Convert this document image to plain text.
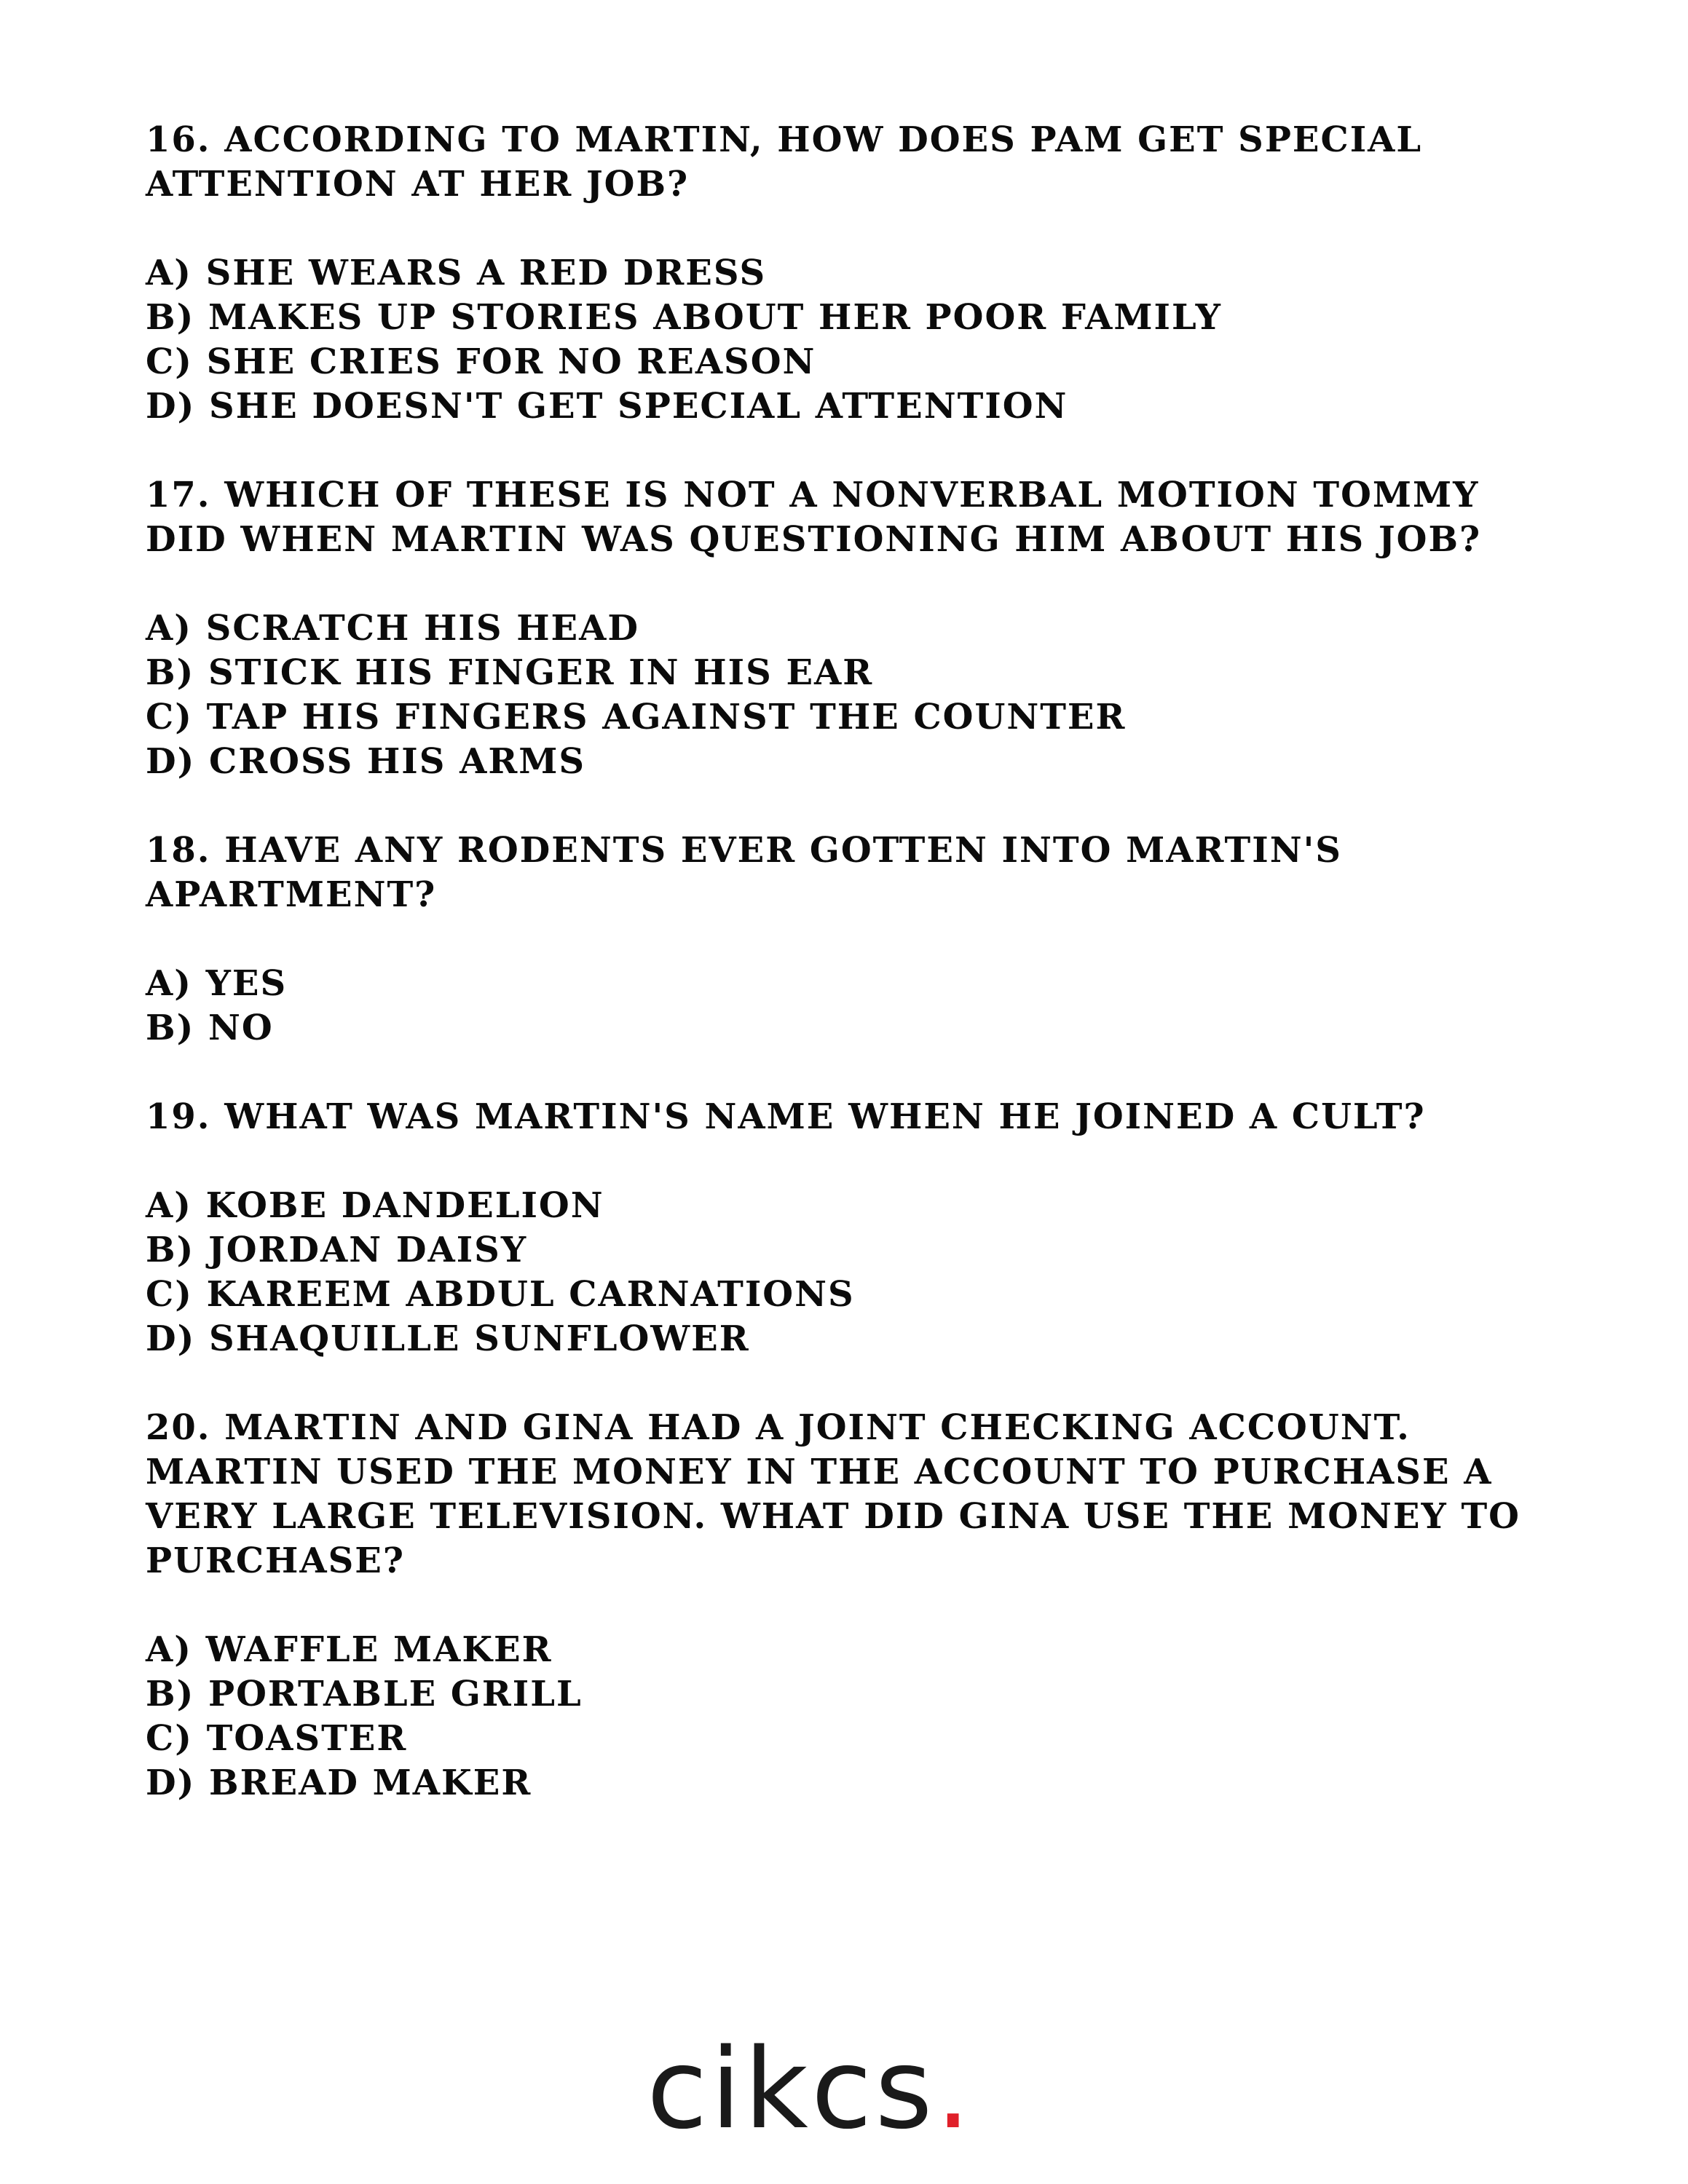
16. ACCORDING TO MARTIN, HOW DOES PAM GET SPECIAL ATTENTION AT HER JOB?
A) SHE WEARS A RED DRESS
B) MAKES UP STORIES ABOUT HER POOR FAMILY
C) SHE CRIES FOR NO REASON
D) SHE DOESN'T GET SPECIAL ATTENTION
17. WHICH OF THESE IS NOT A NONVERBAL MOTION TOMMY DID WHEN MARTIN WAS QUESTIONING HIM ABOUT HIS JOB?
A) SCRATCH HIS HEAD
B) STICK HIS FINGER IN HIS EAR
C) TAP HIS FINGERS AGAINST THE COUNTER
D) CROSS HIS ARMS
18. HAVE ANY RODENTS EVER GOTTEN INTO MARTIN'S APARTMENT?
A) YES
B) NO
19. WHAT WAS MARTIN'S NAME WHEN HE JOINED A CULT?
A) KOBE DANDELION
B) JORDAN DAISY
C) KAREEM ABDUL CARNATIONS
D) SHAQUILLE SUNFLOWER
20. MARTIN AND GINA HAD A JOINT CHECKING ACCOUNT. MARTIN USED THE MONEY IN THE ACCOUNT TO PURCHASE A VERY LARGE TELEVISION. WHAT DID GINA USE THE MONEY TO PURCHASE?
A) WAFFLE MAKER
B) PORTABLE GRILL
C) TOASTER
D) BREAD MAKER
cikcs.
